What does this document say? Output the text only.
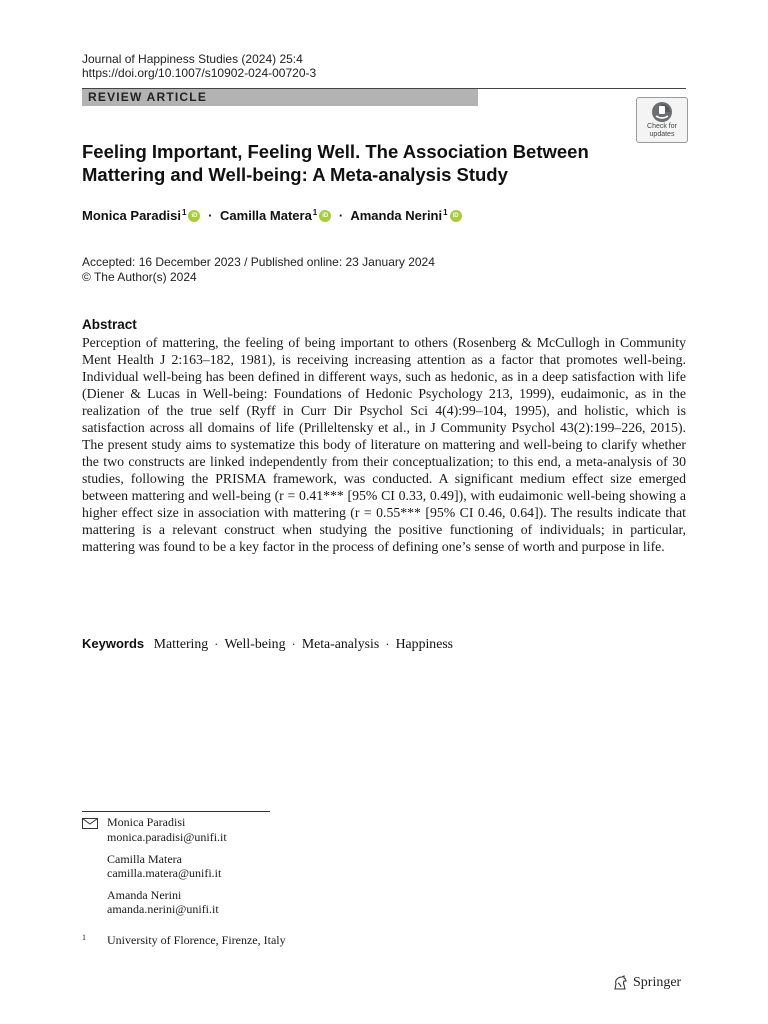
Journal of Happiness Studies (2024) 25:4
https://doi.org/10.1007/s10902-024-00720-3
REVIEW ARTICLE
Check for
updates
Feeling Important, Feeling Well. The Association Between Mattering and Well-being: A Meta-analysis Study
Monica Paradisi$^1$ iD · Camilla Matera$^1$ iD · Amanda Nerini$^1$iD
Accepted: 16 December 2023 / Published online: 23 January 2024
© The Author(s) 2024
Abstract

Perception of mattering, the feeling of being important to others (Rosenberg & McCullogh in Community Ment Health J 2:163–182, 1981), is receiving increasing attention as a factor that promotes well-being. Individual well-being has been defined in different ways, such as hedonic, as in a deep satisfaction with life (Diener & Lucas in Well-being: Foundations of Hedonic Psychology 213, 1999), eudaimonic, as in the realization of the true self (Ryff in Curr Dir Psychol Sci 4(4):99–104, 1995), and holistic, which is satisfaction across all domains of life (Prilleltensky et al., in J Community Psychol 43(2):199–226, 2015). The present study aims to systematize this body of literature on mattering and well-being to clarify whether the two constructs are linked independently from their conceptualization; to this end, a meta-analysis of 30 studies, following the PRISMA framework, was conducted. A significant medium effect size emerged between mattering and well-being (r = 0.41*** [95% CI 0.33, 0.49]), with eudaimonic well-being showing a higher effect size in association with mattering (r = 0.55*** [95% CI 0.46, 0.64]). The results indicate that mattering is a relevant construct when studying the positive functioning of individuals; in particular, mattering was found to be a key factor in the process of defining one’s sense of worth and purpose in life.

Keywords Mattering · Well-being · Meta-analysis · Happiness
Monica Paradisi
monica.paradisi@unifi.it
Camilla Matera
camilla.matera@unifi.it
Amanda Nerini
amanda.nerini@unifi.it
1 University of Florence, Firenze, Italy
Springer
